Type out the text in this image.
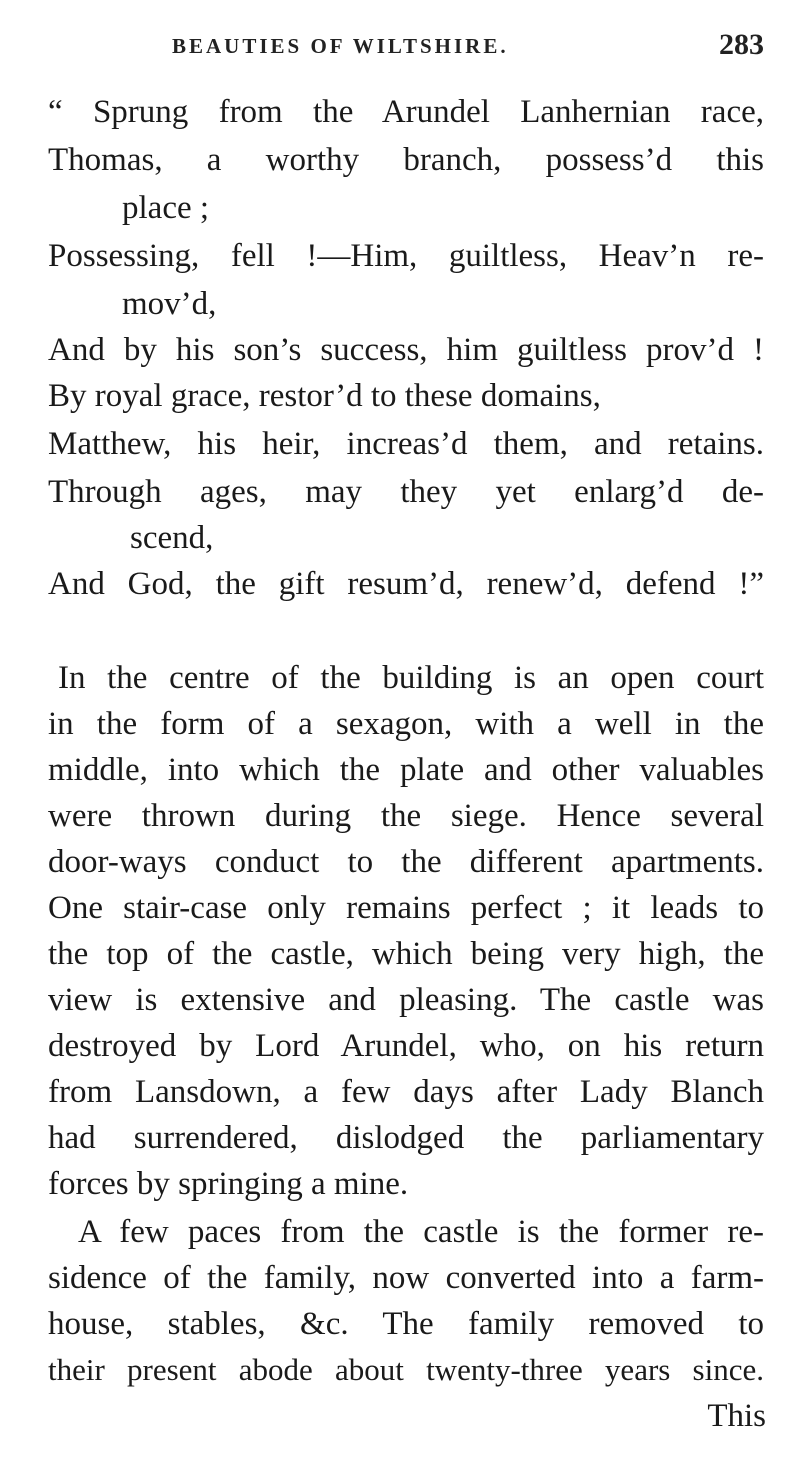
BEAUTIES OF WILTSHIRE.	283
“ Sprung from the Arundel Lanhernian race,
Thomas, a worthy branch, possess’d this
place ;
Possessing, fell !—Him, guiltless, Heav’n re-
mov’d,
And by his son’s success, him guiltless prov’d !
By royal grace, restor’d to these domains,
Matthew, his heir, increas’d them, and retains.
Through ages, may they yet enlarg’d de-
scend,
And God, the gift resum’d, renew’d, defend !”
In the centre of the building is an open court
in the form of a sexagon, with a well in the
middle, into which the plate and other valuables
were thrown during the siege. Hence several
door-ways conduct to the different apartments.
One stair-case only remains perfect ; it leads to
the top of the castle, which being very high, the
view is extensive and pleasing. The castle was
destroyed by Lord Arundel, who, on his return
from Lansdown, a few days after Lady Blanch
had surrendered, dislodged the parliamentary
forces by springing a mine.
A few paces from the castle is the former re-
sidence of the family, now converted into a farm-
house, stables, &c. The family removed to
their present abode about twenty-three years since.
This
